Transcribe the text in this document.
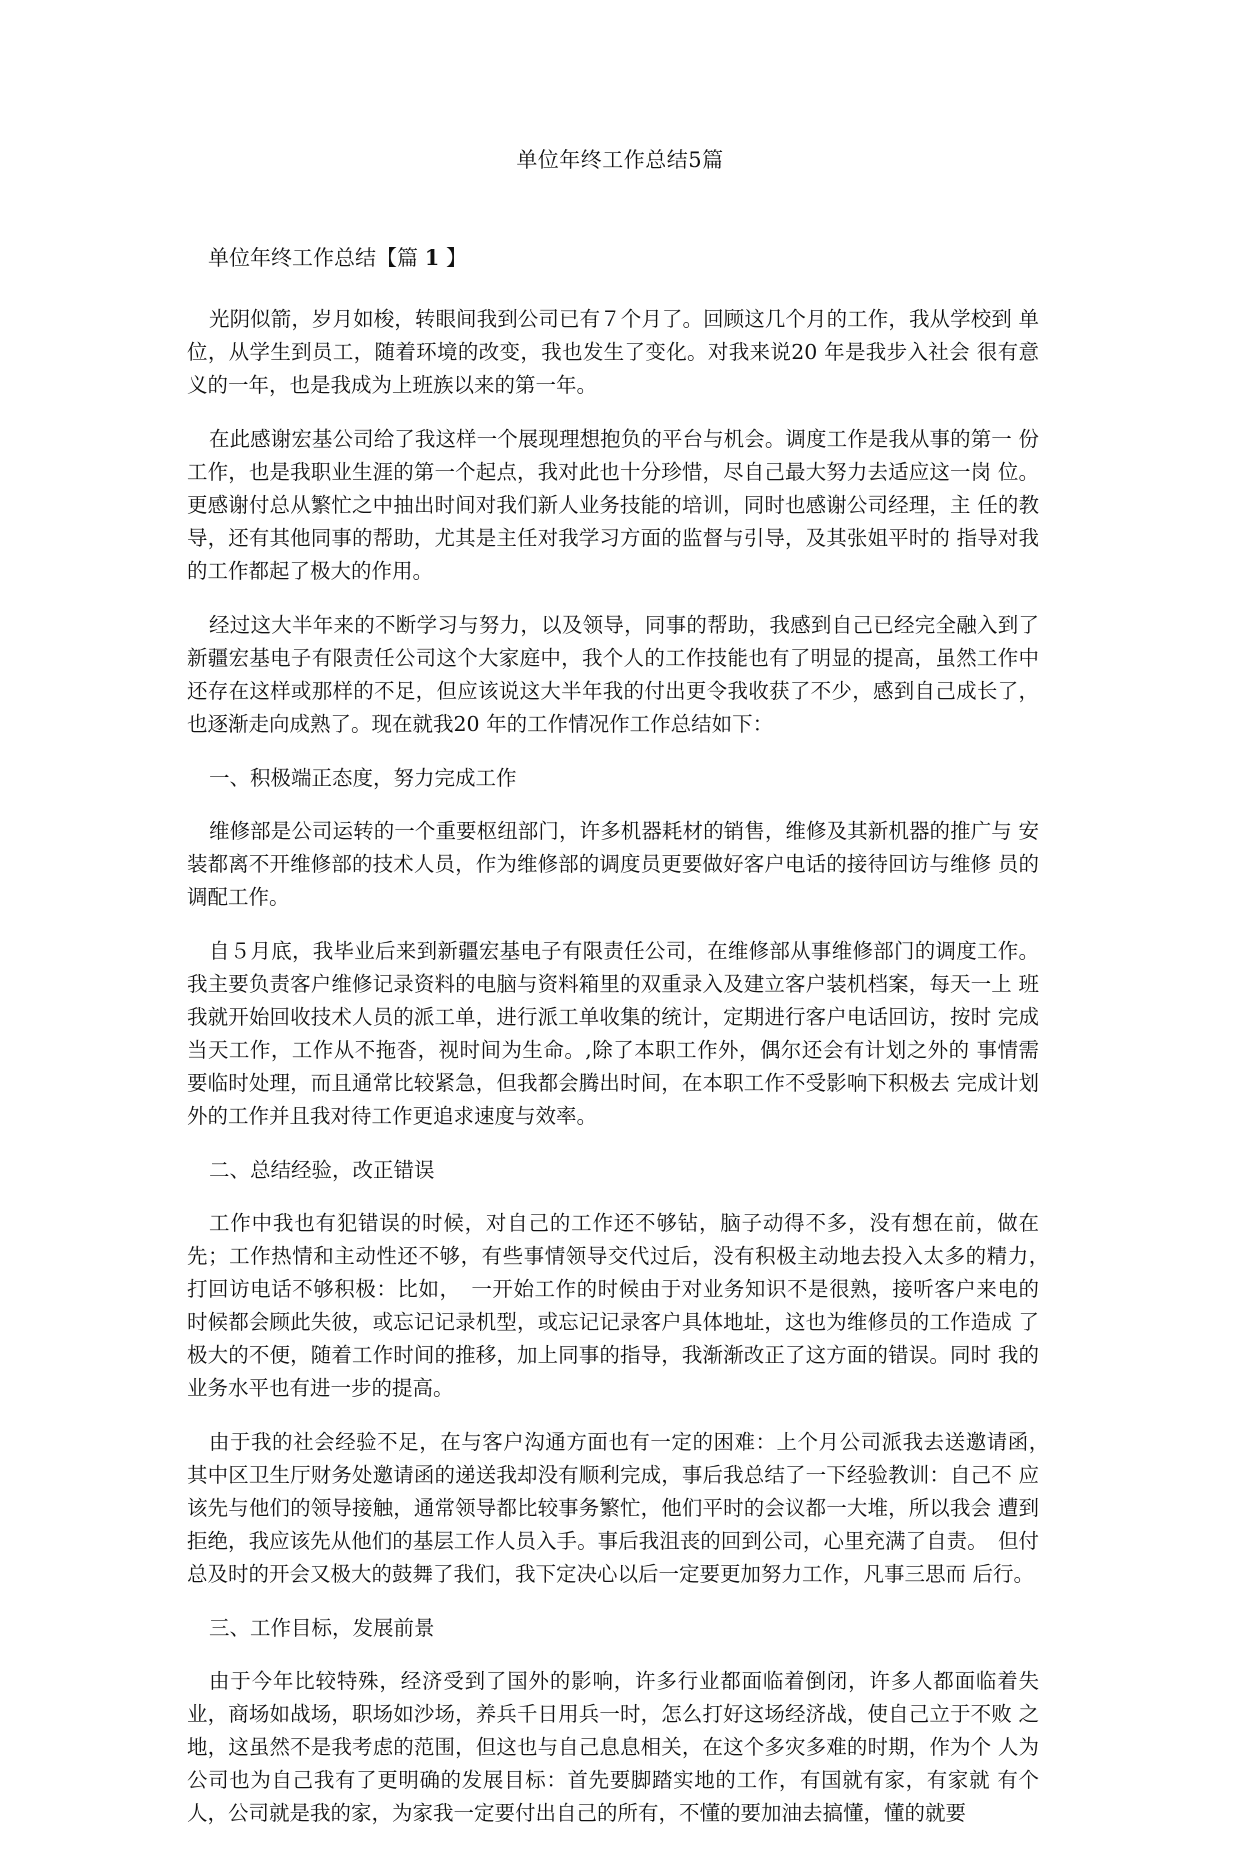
单位年终工作总结5篇
单位年终工作总结【篇 1 】

光阴似箭，岁月如梭，转眼间我到公司已有７个月了。回顾这几个月的工作，我从学校到 单位，从学生到员工，随着环境的改变，我也发生了变化。对我来说20 年是我步入社会 很有意义的一年，也是我成为上班族以来的第一年。

在此感谢宏基公司给了我这样一个展现理想抱负的平台与机会。调度工作是我从事的第一 份工作，也是我职业生涯的第一个起点，我对此也十分珍惜，尽自己最大努力去适应这一岗 位。更感谢付总从繁忙之中抽出时间对我们新人业务技能的培训，同时也感谢公司经理，主 任的教导，还有其他同事的帮助，尤其是主任对我学习方面的监督与引导，及其张姐平时的 指导对我的工作都起了极大的作用。

经过这大半年来的不断学习与努力，以及领导，同事的帮助，我感到自己已经完全融入到了新疆宏基电子有限责任公司这个大家庭中，我个人的工作技能也有了明显的提高，虽然工作中还存在这样或那样的不足，但应该说这大半年我的付出更令我收获了不少，感到自己成长了，也逐渐走向成熟了。现在就我20 年的工作情况作工作总结如下：

一、积极端正态度，努力完成工作

维修部是公司运转的一个重要枢纽部门，许多机器耗材的销售，维修及其新机器的推广与 安装都离不开维修部的技术人员，作为维修部的调度员更要做好客户电话的接待回访与维修 员的调配工作。

自５月底，我毕业后来到新疆宏基电子有限责任公司，在维修部从事维修部门的调度工作。 我主要负责客户维修记录资料的电脑与资料箱里的双重录入及建立客户装机档案，每天一上 班我就开始回收技术人员的派工单，进行派工单收集的统计，定期进行客户电话回访，按时 完成当天工作，工作从不拖沓，视时间为生命。,除了本职工作外，偶尔还会有计划之外的 事情需要临时处理，而且通常比较紧急，但我都会腾出时间，在本职工作不受影响下积极去 完成计划外的工作并且我对待工作更追求速度与效率。

二、总结经验，改正错误

工作中我也有犯错误的时候，对自己的工作还不够钻，脑子动得不多，没有想在前，做在 先；工作热情和主动性还不够，有些事情领导交代过后，没有积极主动地去投入太多的精力，　打回访电话不够积极：比如，　一开始工作的时候由于对业务知识不是很熟，接听客户来电的 时候都会顾此失彼，或忘记记录机型，或忘记记录客户具体地址，这也为维修员的工作造成 了极大的不便，随着工作时间的推移，加上同事的指导，我渐渐改正了这方面的错误。同时 我的业务水平也有进一步的提高。

由于我的社会经验不足，在与客户沟通方面也有一定的困难：上个月公司派我去送邀请函，　其中区卫生厅财务处邀请函的递送我却没有顺利完成，事后我总结了一下经验教训：自己不 应该先与他们的领导接触，通常领导都比较事务繁忙，他们平时的会议都一大堆，所以我会 遭到拒绝，我应该先从他们的基层工作人员入手。事后我沮丧的回到公司，心里充满了自责。　但付总及时的开会又极大的鼓舞了我们，我下定决心以后一定要更加努力工作，凡事三思而 后行。

三、工作目标，发展前景

由于今年比较特殊，经济受到了国外的影响，许多行业都面临着倒闭，许多人都面临着失 业，商场如战场，职场如沙场，养兵千日用兵一时，怎么打好这场经济战，使自己立于不败 之地，这虽然不是我考虑的范围，但这也与自己息息相关，在这个多灾多难的时期，作为个 人为公司也为自己我有了更明确的发展目标：首先要脚踏实地的工作，有国就有家，有家就 有个人，公司就是我的家，为家我一定要付出自己的所有，不懂的要加油去搞懂，懂的就要
